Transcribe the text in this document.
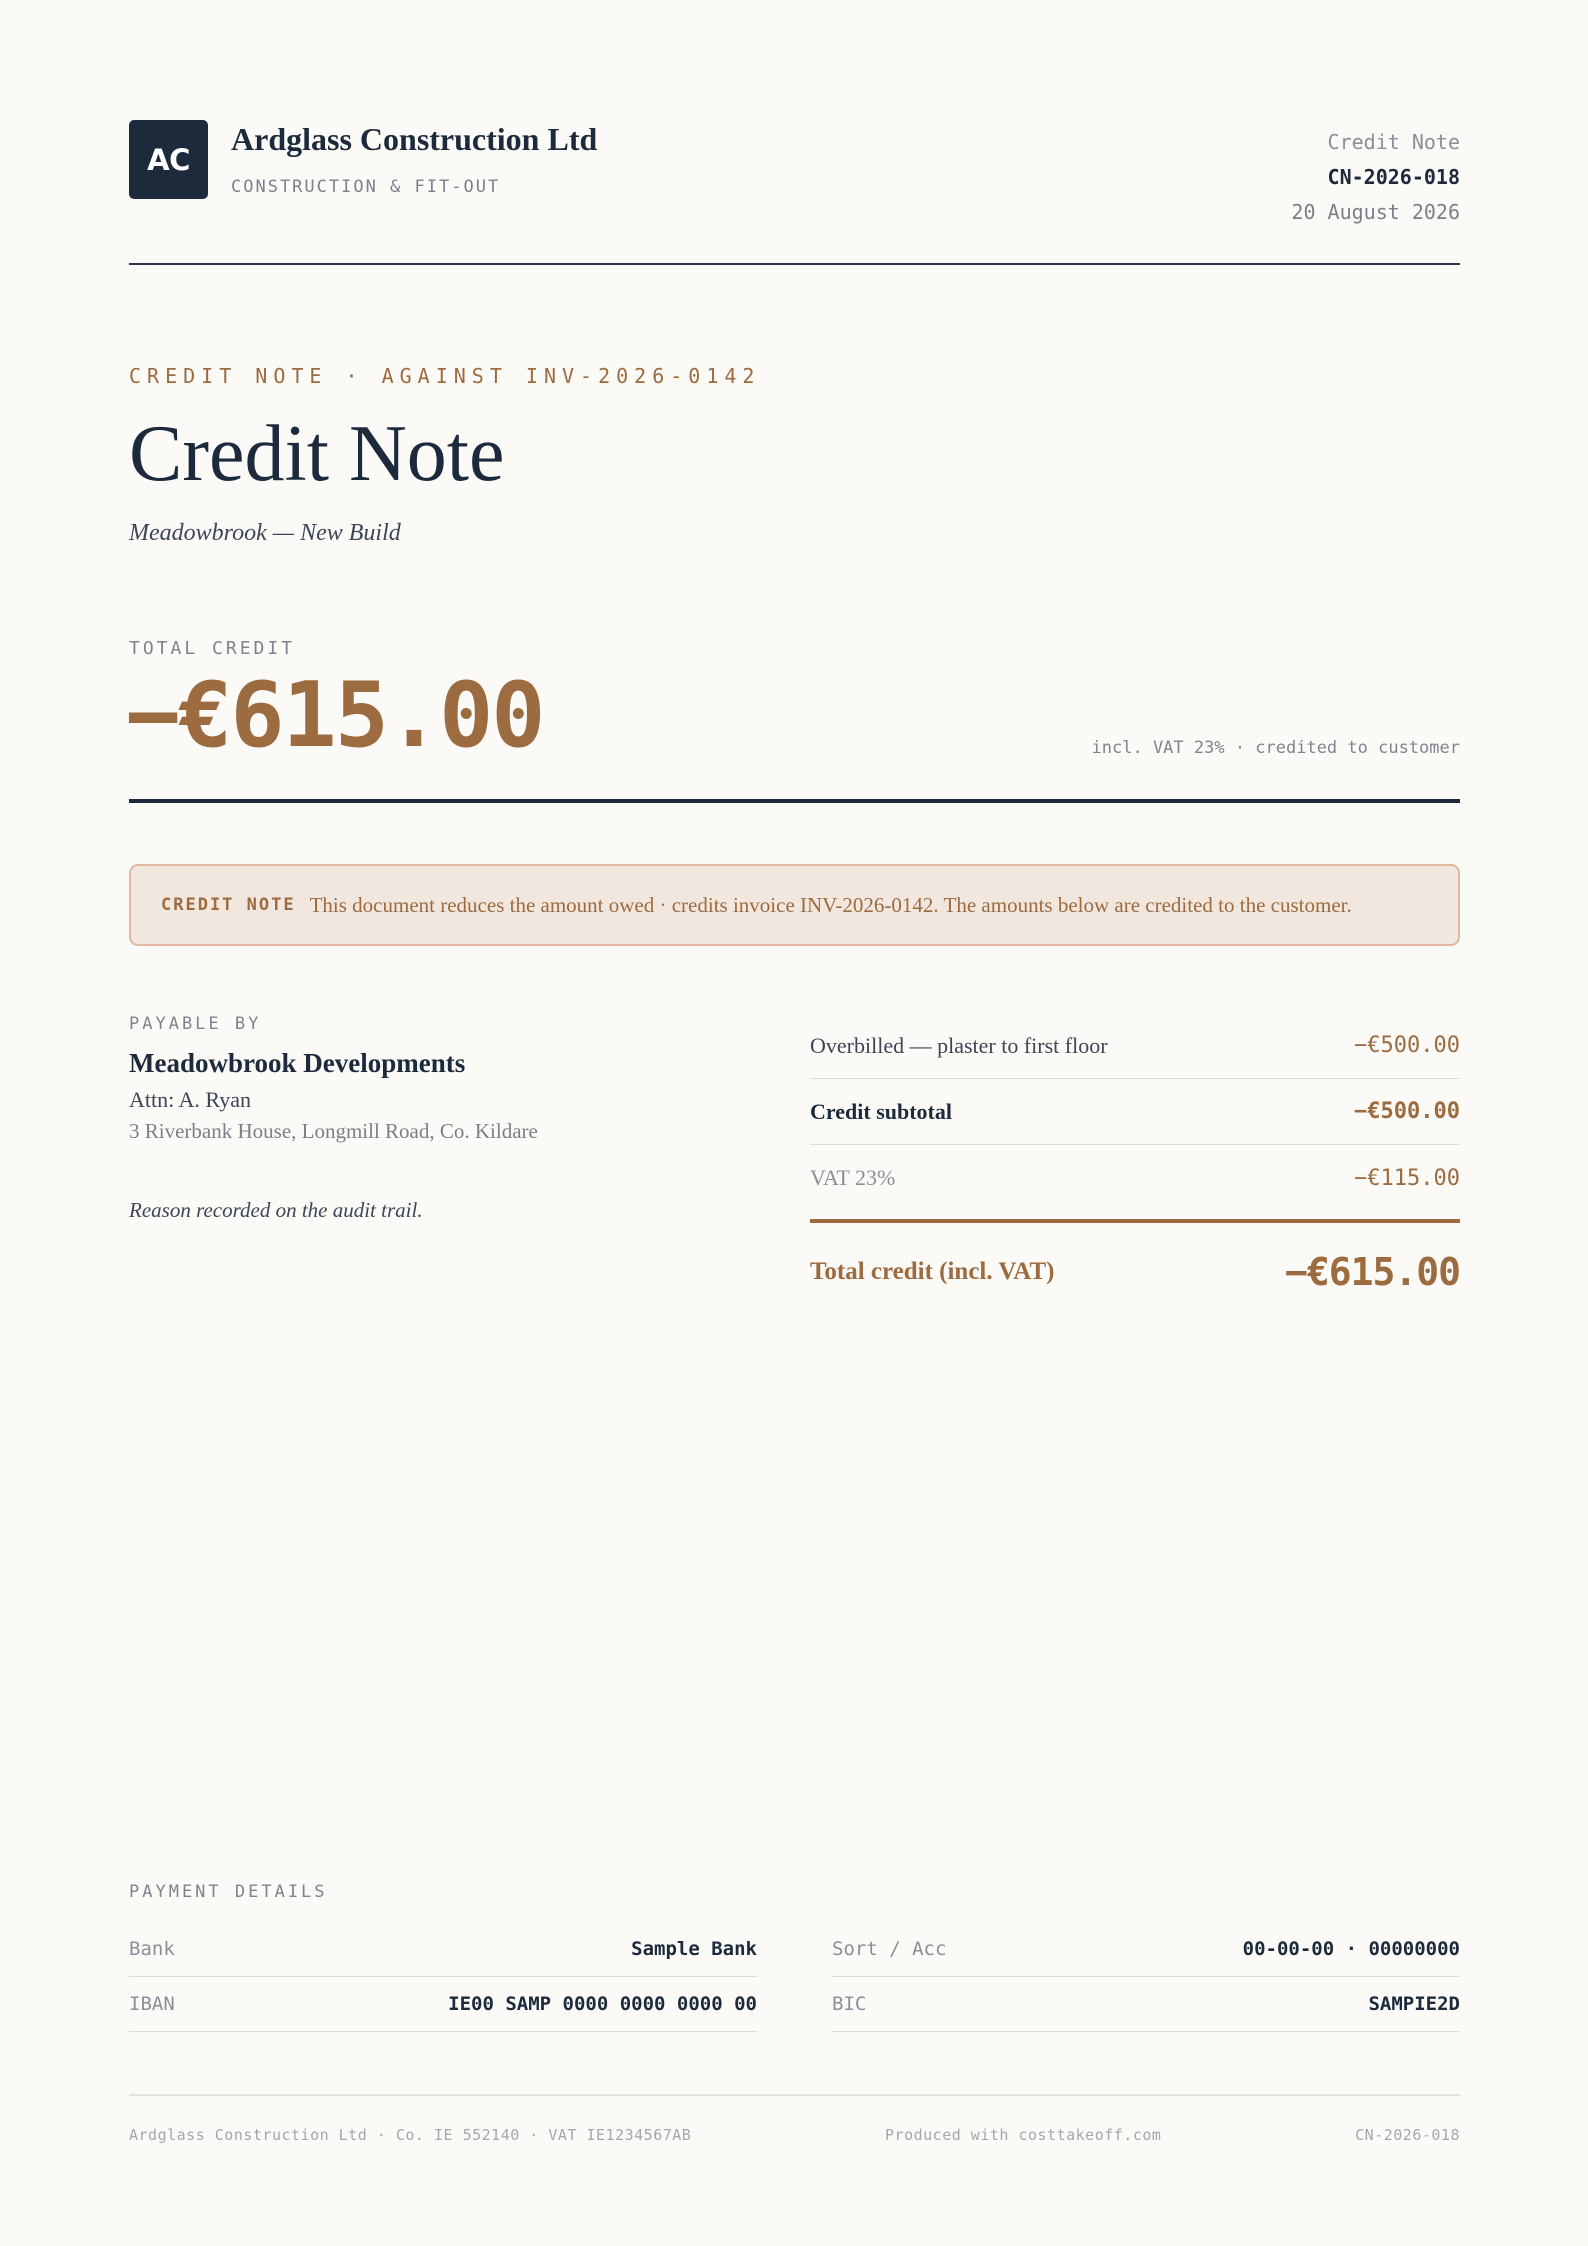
AC
Ardglass Construction Ltd
CONSTRUCTION & FIT-OUT
Credit Note
CN-2026-018
20 August 2026
CREDIT NOTE · AGAINST INV-2026-0142
Credit Note
Meadowbrook — New Build
TOTAL CREDIT
−€615.00	incl. VAT 23% · credited to customer
CREDIT NOTE This document reduces the amount owed · credits invoice INV-2026-0142. The amounts below are credited to the customer.
PAYABLE BY
Meadowbrook Developments
Attn: A. Ryan
3 Riverbank House, Longmill Road, Co. Kildare
Reason recorded on the audit trail.
Overbilled — plaster to first floor	−€500.00
Credit subtotal	−€500.00
VAT 23%	−€115.00
Total credit (incl. VAT)	−€615.00
PAYMENT DETAILS
Bank	Sample Bank
IBAN	IE00 SAMP 0000 0000 0000 00
Sort / Acc	00-00-00 · 00000000
BIC	SAMPIE2D
Ardglass Construction Ltd · Co. IE 552140 · VAT IE1234567AB	Produced with costtakeoff.com	CN-2026-018
